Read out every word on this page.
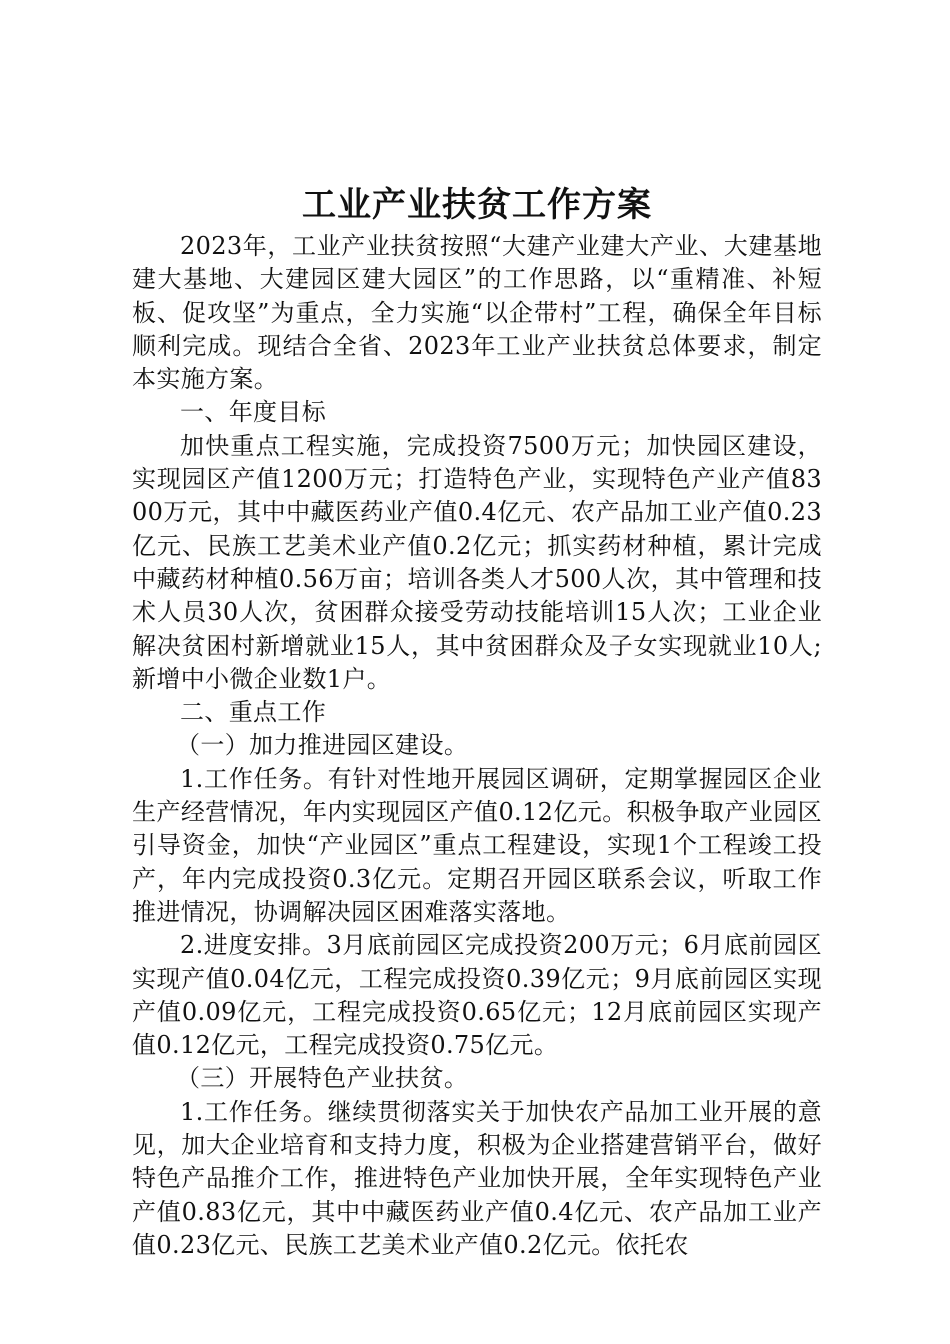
工业产业扶贫工作方案

2023年，工业产业扶贫按照“大建产业建大产业、大建基地建大基地、大建园区建大园区”的工作思路，以“重精准、补短板、促攻坚”为重点，全力实施“以企带村”工程，确保全年目标顺利完成。现结合全省、2023年工业产业扶贫总体要求，制定本实施方案。

一、年度目标

加快重点工程实施，完成投资7500万元；加快园区建设，实现园区产值1200万元；打造特色产业，实现特色产业产值8300万元，其中中藏医药业产值0.4亿元、农产品加工业产值0.23亿元、民族工艺美术业产值0.2亿元；抓实药材种植，累计完成中藏药材种植0.56万亩；培训各类人才500人次，其中管理和技术人员30人次，贫困群众接受劳动技能培训15人次；工业企业解决贫困村新增就业15人，其中贫困群众及子女实现就业10人;新增中小微企业数1户。

二、重点工作

（一）加力推进园区建设。

1.工作任务。有针对性地开展园区调研，定期掌握园区企业生产经营情况，年内实现园区产值0.12亿元。积极争取产业园区引导资金，加快“产业园区”重点工程建设，实现1个工程竣工投产，年内完成投资0.3亿元。定期召开园区联系会议，听取工作推进情况，协调解决园区困难落实落地。

2.进度安排。3月底前园区完成投资200万元；6月底前园区实现产值0.04亿元，工程完成投资0.39亿元；9月底前园区实现产值0.09亿元，工程完成投资0.65亿元；12月底前园区实现产值0.12亿元，工程完成投资0.75亿元。

（三）开展特色产业扶贫。

1.工作任务。继续贯彻落实关于加快农产品加工业开展的意见，加大企业培育和支持力度，积极为企业搭建营销平台，做好特色产品推介工作，推进特色产业加快开展，全年实现特色产业产值0.83亿元，其中中藏医药业产值0.4亿元、农产品加工业产值0.23亿元、民族工艺美术业产值0.2亿元。依托农
